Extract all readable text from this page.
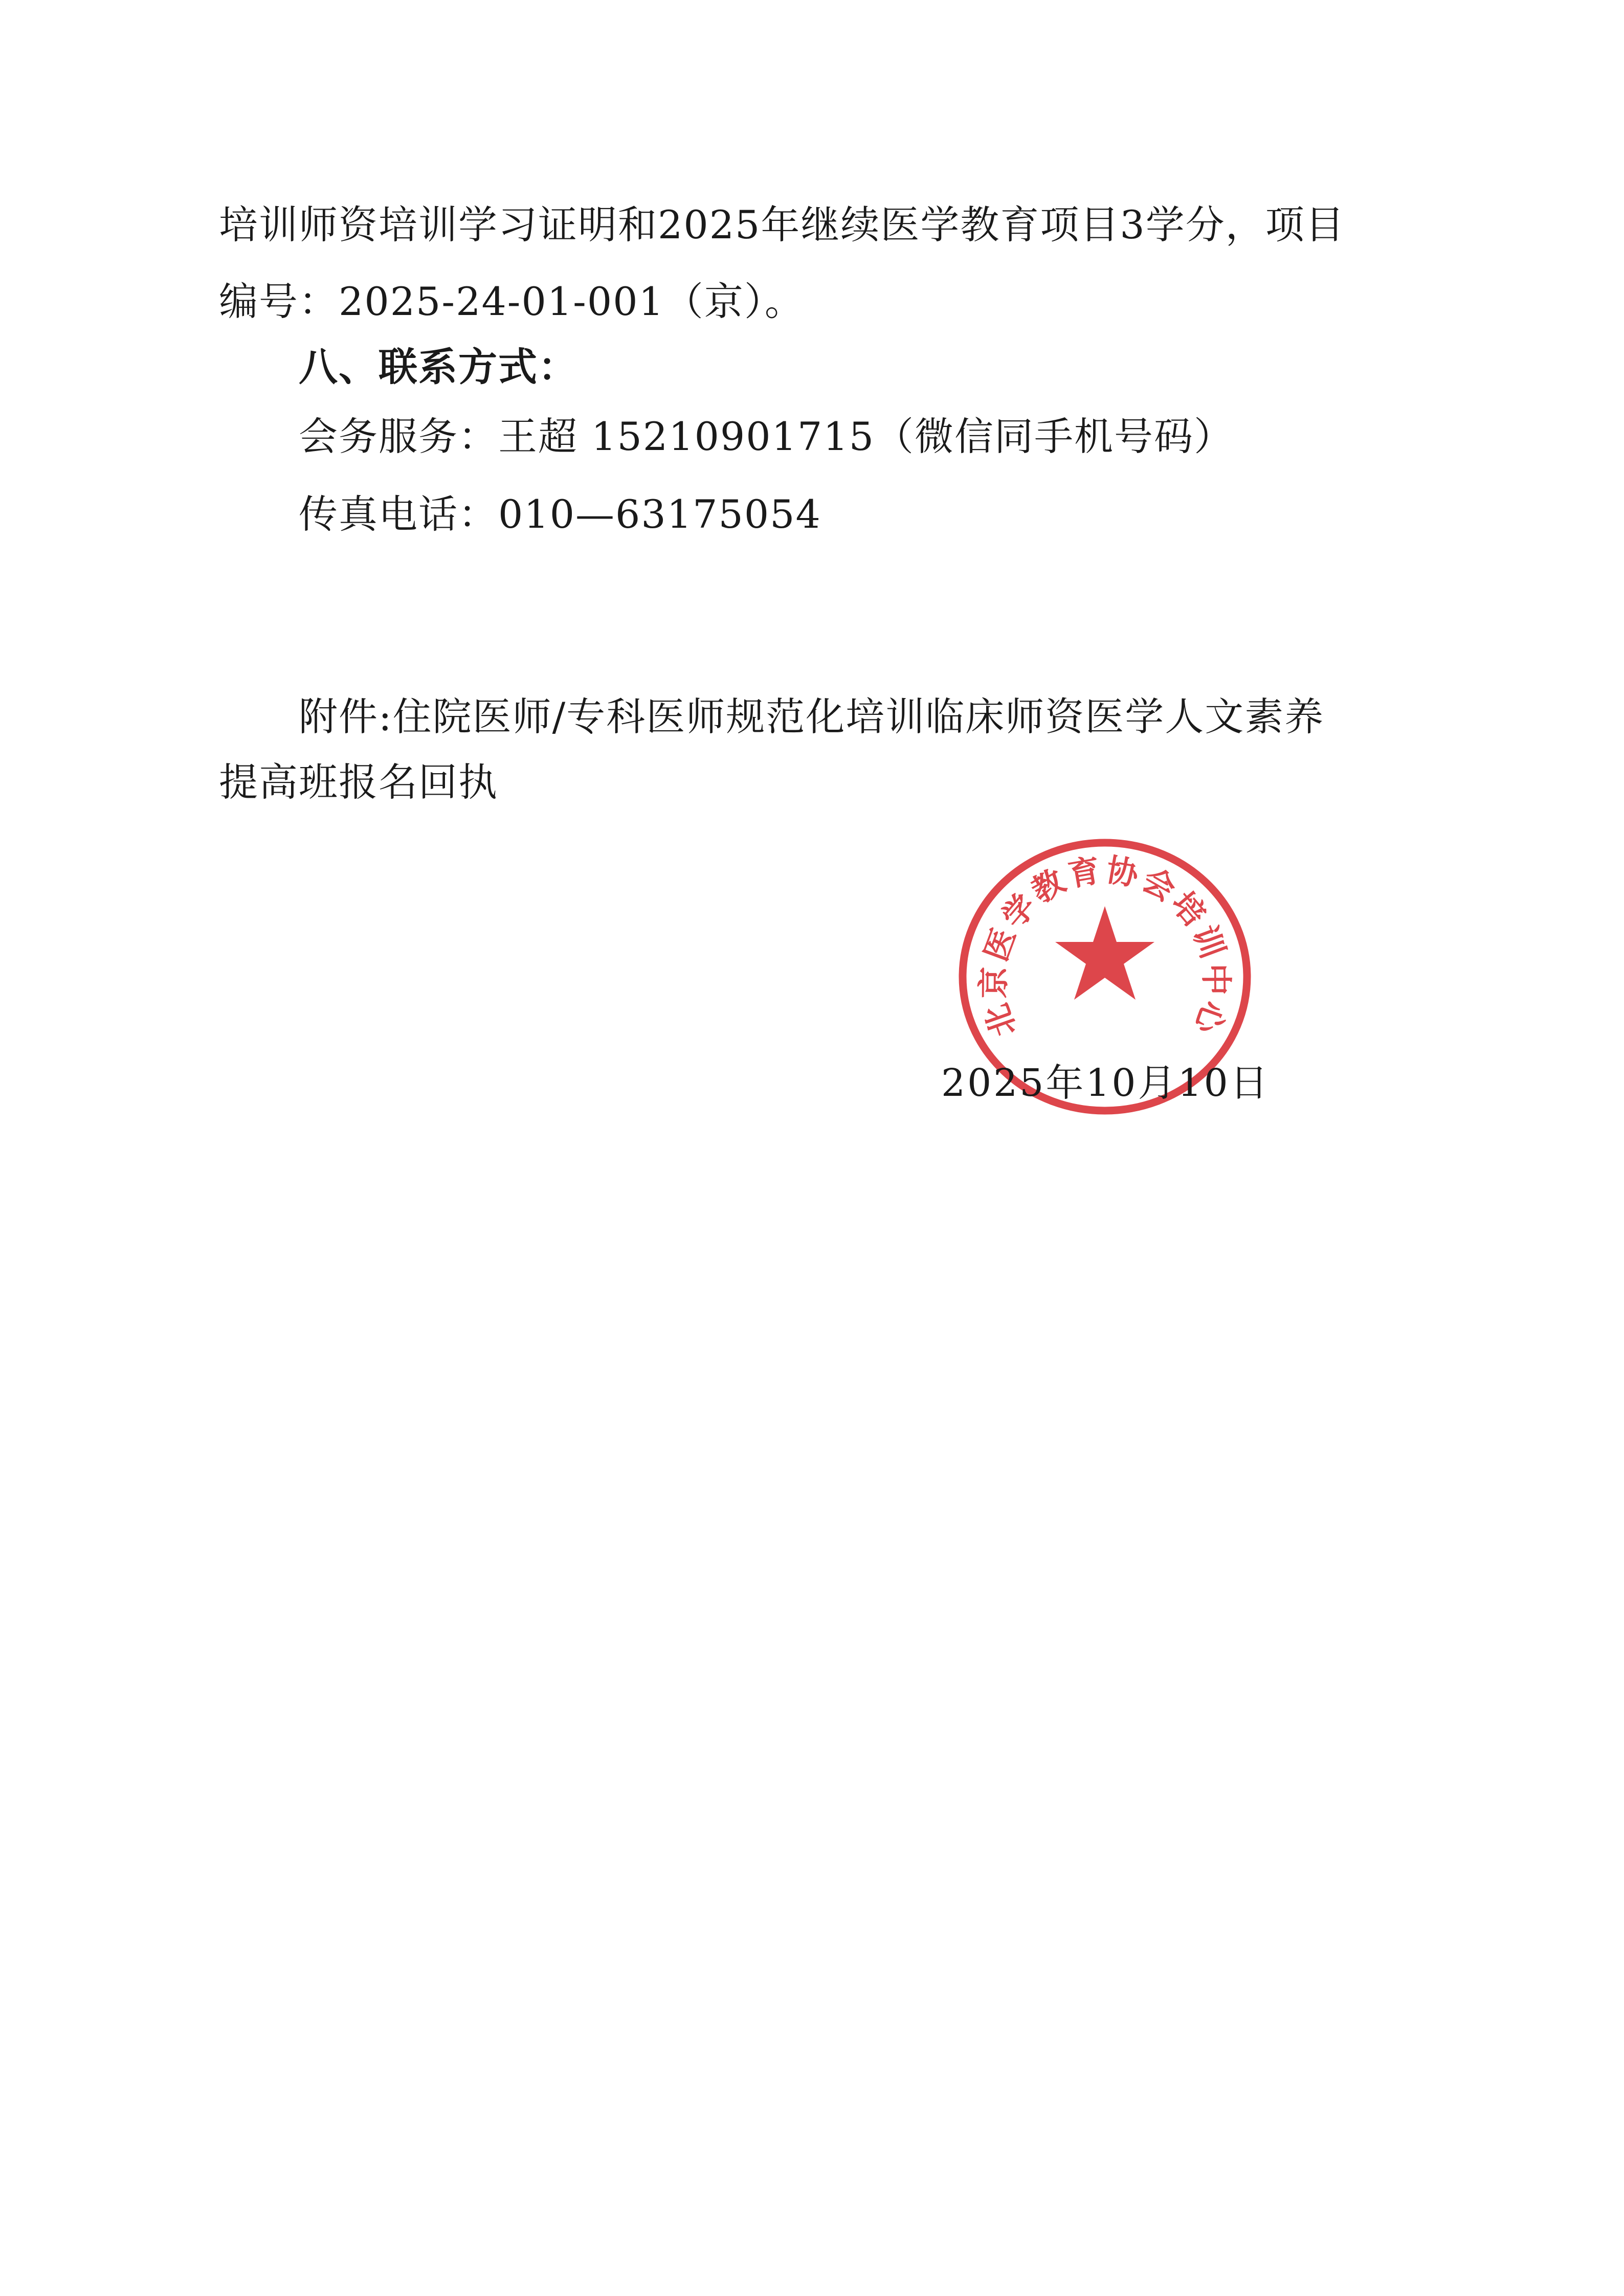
培训师资培训学习证明和2025年继续医学教育项目3学分，项目
编号：2025-24-01-001（京）。
八、联系方式：
会务服务：王超 15210901715（微信同手机号码）
传真电话：010—63175054
附件:住院医师/专科医师规范化培训临床师资医学人文素养
提高班报名回执
北京医学教育协会培训中心
2025年10月10日
